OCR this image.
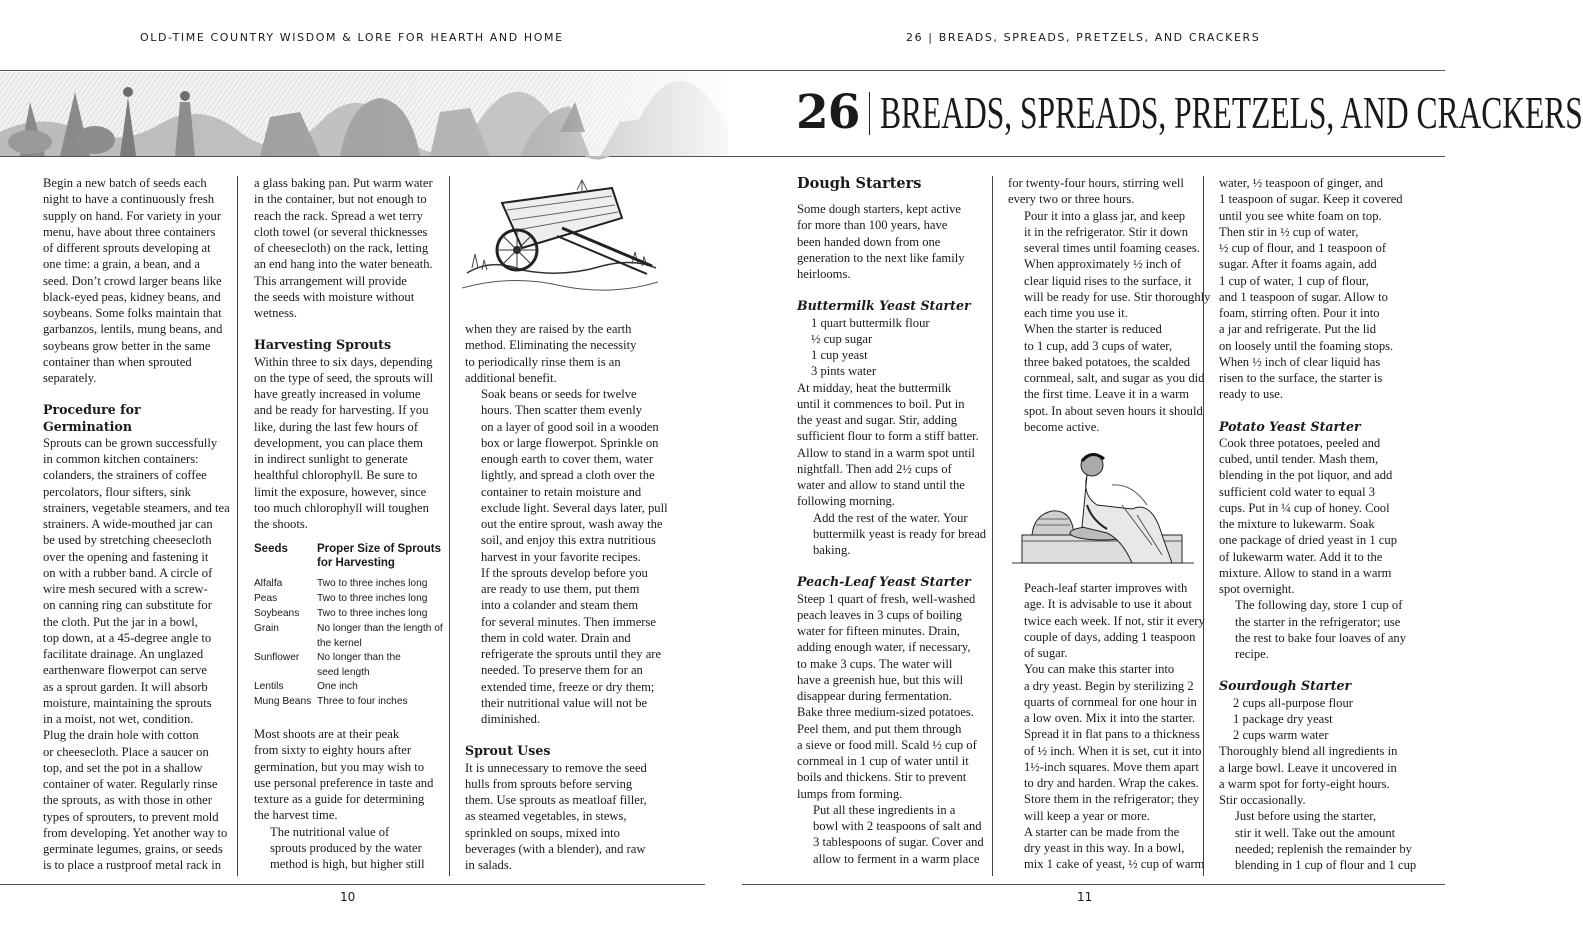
OLD-TIME COUNTRY WISDOM & LORE FOR HEARTH AND HOME	26 | BREADS, SPREADS, PRETZELS, AND CRACKERS
26 BREADS, SPREADS, PRETZELS, AND CRACKERS

Begin a new batch of seeds each
night to have a continuously fresh
supply on hand. For variety in your
menu, have about three containers
of different sprouts developing at
one time: a grain, a bean, and a
seed. Don’t crowd larger beans like
black-eyed peas, kidney beans, and
soybeans. Some folks maintain that
garbanzos, lentils, mung beans, and
soybeans grow better in the same
container than when sprouted
separately.

Procedure for
Germination

Sprouts can be grown successfully
in common kitchen containers:
colanders, the strainers of coffee
percolators, flour sifters, sink
strainers, vegetable steamers, and tea
strainers. A wide-mouthed jar can
be used by stretching cheesecloth
over the opening and fastening it
on with a rubber band. A circle of
wire mesh secured with a screw-
on canning ring can substitute for
the cloth. Put the jar in a bowl,
top down, at a 45-degree angle to
facilitate drainage. An unglazed
earthenware flowerpot can serve
as a sprout garden. It will absorb
moisture, maintaining the sprouts
in a moist, not wet, condition.
Plug the drain hole with cotton
or cheesecloth. Place a saucer on
top, and set the pot in a shallow
container of water. Regularly rinse
the sprouts, as with those in other
types of sprouters, to prevent mold
from developing. Yet another way to
germinate legumes, grains, or seeds
is to place a rustproof metal rack in

a glass baking pan. Put warm water
in the container, but not enough to
reach the rack. Spread a wet terry
cloth towel (or several thicknesses
of cheesecloth) on the rack, letting
an end hang into the water beneath.
This arrangement will provide
the seeds with moisture without
wetness.

Harvesting Sprouts

Within three to six days, depending
on the type of seed, the sprouts will
have greatly increased in volume
and be ready for harvesting. If you
like, during the last few hours of
development, you can place them
in indirect sunlight to generate
healthful chlorophyll. Be sure to
limit the exposure, however, since
too much chlorophyll will toughen
the shoots.

Seeds	Proper Size of Sprouts for Harvesting
Alfalfa	Two to three inches long
Peas	Two to three inches long
Soybeans Two to three inches long
Grain	No longer than the length of the kernel
Sunflower No longer than the seed length
Lentils	One inch
Mung Beans Three to four inches

Most shoots are at their peak
from sixty to eighty hours after
germination, but you may wish to
use personal preference in taste and
texture as a guide for determining
the harvest time.

The nutritional value of
sprouts produced by the water
method is high, but higher still

when they are raised by the earth
method. Eliminating the necessity
to periodically rinse them is an
additional benefit.

Soak beans or seeds for twelve
hours. Then scatter them evenly
on a layer of good soil in a wooden
box or large flowerpot. Sprinkle on
enough earth to cover them, water
lightly, and spread a cloth over the
container to retain moisture and
exclude light. Several days later, pull
out the entire sprout, wash away the
soil, and enjoy this extra nutritious
harvest in your favorite recipes.

If the sprouts develop before you
are ready to use them, put them
into a colander and steam them
for several minutes. Then immerse
them in cold water. Drain and
refrigerate the sprouts until they are
needed. To preserve them for an
extended time, freeze or dry them;
their nutritional value will not be
diminished.

Sprout Uses

It is unnecessary to remove the seed
hulls from sprouts before serving
them. Use sprouts as meatloaf filler,
as steamed vegetables, in stews,
sprinkled on soups, mixed into
beverages (with a blender), and raw
in salads.

Dough Starters

Some dough starters, kept active
for more than 100 years, have
been handed down from one
generation to the next like family
heirlooms.

Buttermilk Yeast Starter

1 quart buttermilk flour
½ cup sugar
1 cup yeast
3 pints water

At midday, heat the buttermilk
until it commences to boil. Put in
the yeast and sugar. Stir, adding
sufficient flour to form a stiff batter.
Allow to stand in a warm spot until
nightfall. Then add 2½ cups of
water and allow to stand until the
following morning.

Add the rest of the water. Your
buttermilk yeast is ready for bread
baking.

Peach-Leaf Yeast Starter

Steep 1 quart of fresh, well-washed
peach leaves in 3 cups of boiling
water for fifteen minutes. Drain,
adding enough water, if necessary,
to make 3 cups. The water will
have a greenish hue, but this will
disappear during fermentation.
Bake three medium-sized potatoes.
Peel them, and put them through
a sieve or food mill. Scald ½ cup of
cornmeal in 1 cup of water until it
boils and thickens. Stir to prevent
lumps from forming.

Put all these ingredients in a
bowl with 2 teaspoons of salt and
3 tablespoons of sugar. Cover and
allow to ferment in a warm place

for twenty-four hours, stirring well
every two or three hours.

Pour it into a glass jar, and keep
it in the refrigerator. Stir it down
several times until foaming ceases.
When approximately ½ inch of
clear liquid rises to the surface, it
will be ready for use. Stir thoroughly
each time you use it.

When the starter is reduced
to 1 cup, add 3 cups of water,
three baked potatoes, the scalded
cornmeal, salt, and sugar as you did
the first time. Leave it in a warm
spot. In about seven hours it should
become active.

Peach-leaf starter improves with
age. It is advisable to use it about
twice each week. If not, stir it every
couple of days, adding 1 teaspoon
of sugar.

You can make this starter into
a dry yeast. Begin by sterilizing 2
quarts of cornmeal for one hour in
a low oven. Mix it into the starter.
Spread it in flat pans to a thickness
of ½ inch. When it is set, cut it into
1½-inch squares. Move them apart
to dry and harden. Wrap the cakes.
Store them in the refrigerator; they
will keep a year or more.

A starter can be made from the
dry yeast in this way. In a bowl,
mix 1 cake of yeast, ½ cup of warm

water, ½ teaspoon of ginger, and
1 teaspoon of sugar. Keep it covered
until you see white foam on top.
Then stir in ½ cup of water,
½ cup of flour, and 1 teaspoon of
sugar. After it foams again, add
1 cup of water, 1 cup of flour,
and 1 teaspoon of sugar. Allow to
foam, stirring often. Pour it into
a jar and refrigerate. Put the lid
on loosely until the foaming stops.
When ½ inch of clear liquid has
risen to the surface, the starter is
ready to use.

Potato Yeast Starter

Cook three potatoes, peeled and
cubed, until tender. Mash them,
blending in the pot liquor, and add
sufficient cold water to equal 3
cups. Put in ¼ cup of honey. Cool
the mixture to lukewarm. Soak
one package of dried yeast in 1 cup
of lukewarm water. Add it to the
mixture. Allow to stand in a warm
spot overnight.

The following day, store 1 cup of
the starter in the refrigerator; use
the rest to bake four loaves of any
recipe.

Sourdough Starter

2 cups all-purpose flour
1 package dry yeast
2 cups warm water

Thoroughly blend all ingredients in
a large bowl. Leave it uncovered in
a warm spot for forty-eight hours.
Stir occasionally.

Just before using the starter,
stir it well. Take out the amount
needed; replenish the remainder by
blending in 1 cup of flour and 1 cup

10	11
